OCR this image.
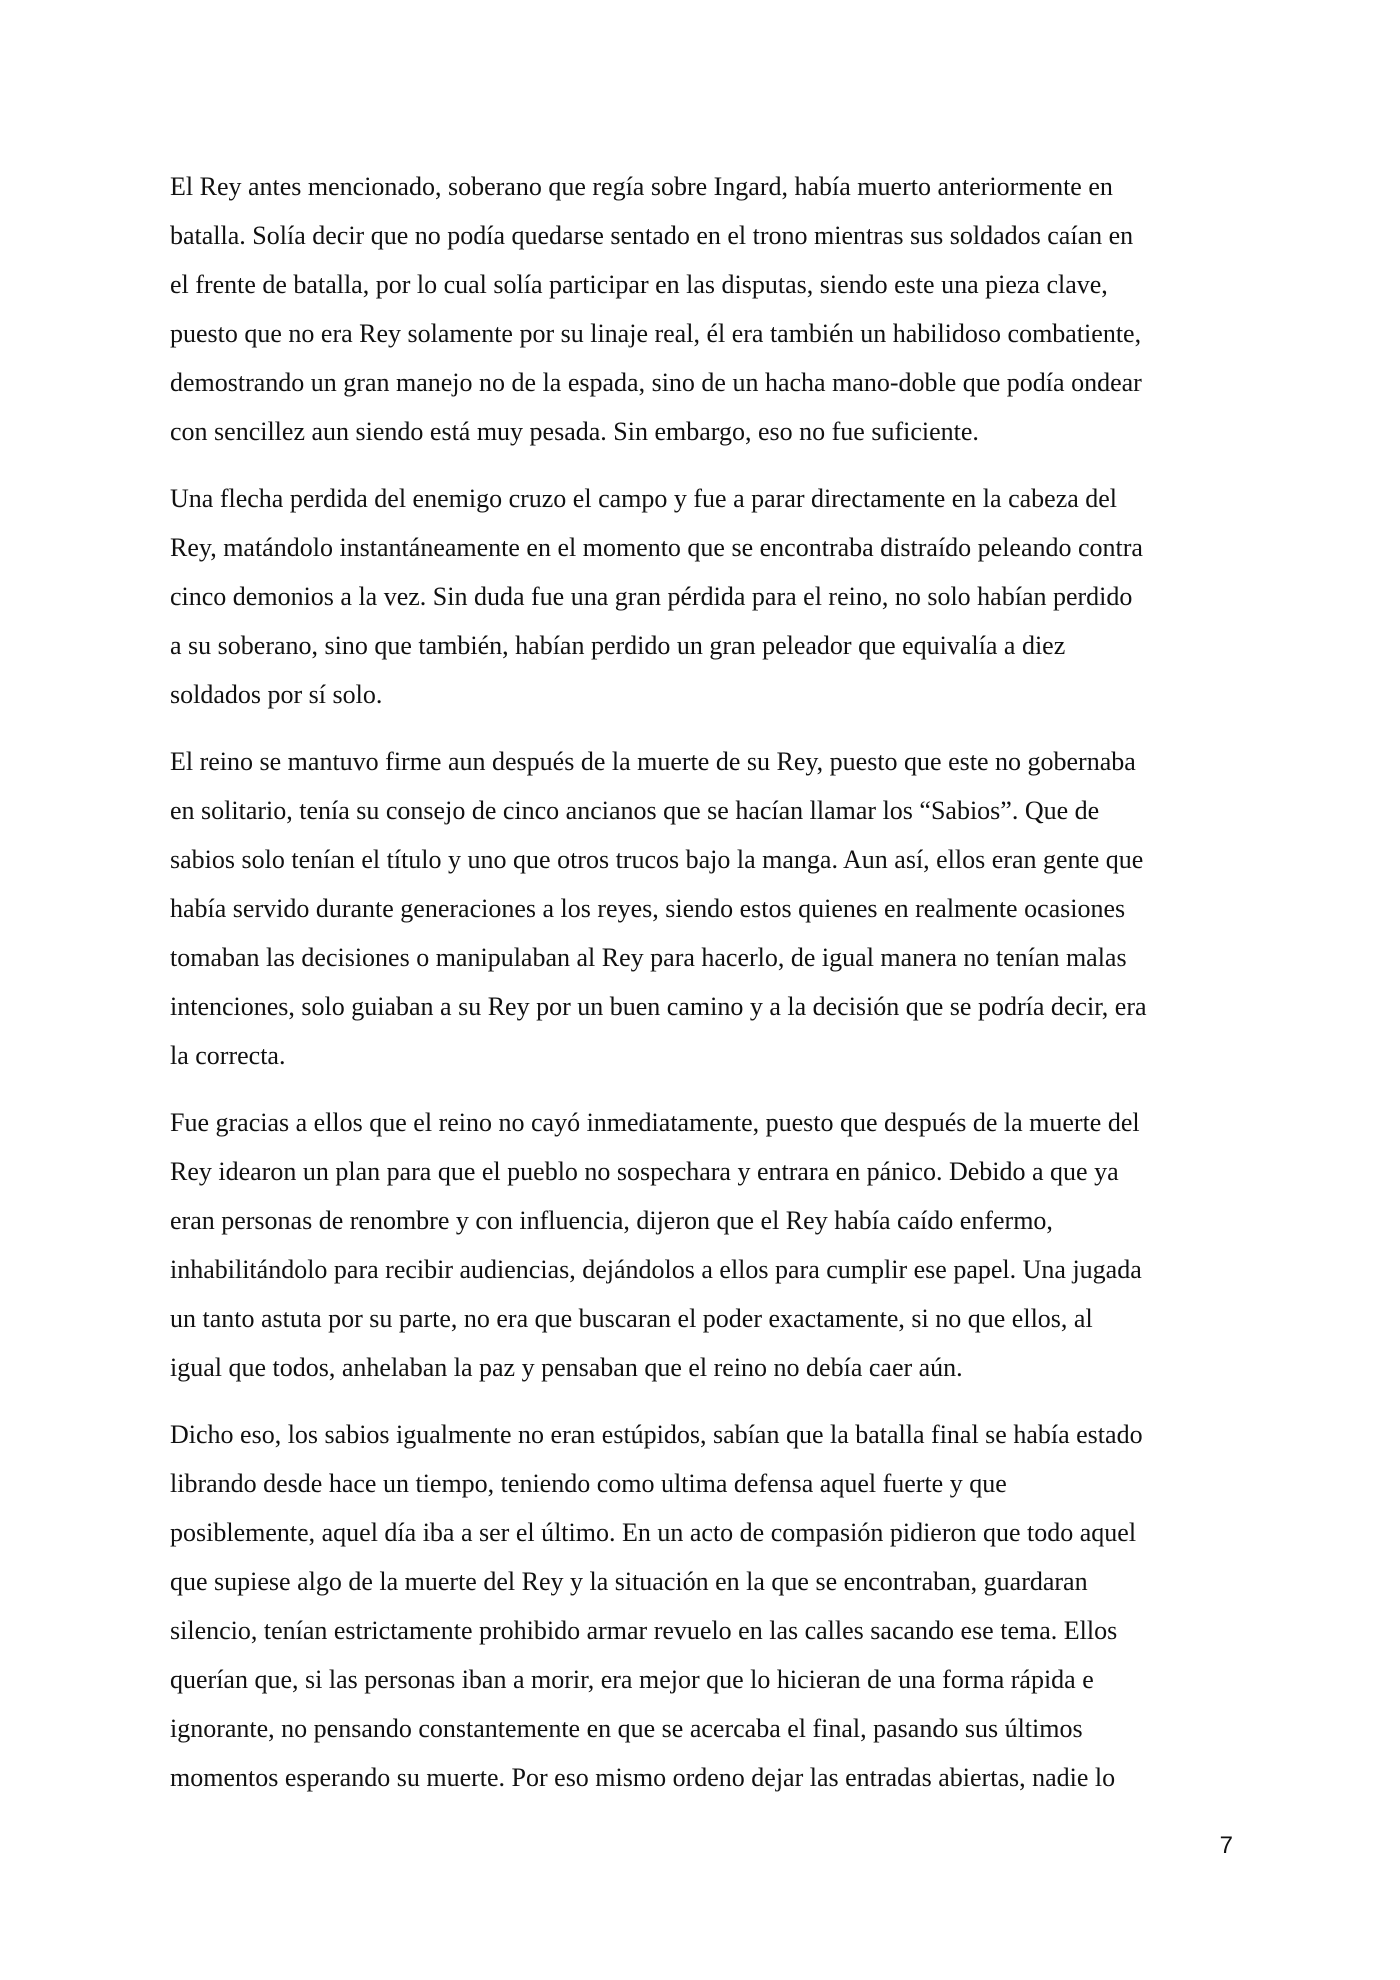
El Rey antes mencionado, soberano que regía sobre Ingard, había muerto anteriormente en
batalla. Solía decir que no podía quedarse sentado en el trono mientras sus soldados caían en
el frente de batalla, por lo cual solía participar en las disputas, siendo este una pieza clave,
puesto que no era Rey solamente por su linaje real, él era también un habilidoso combatiente,
demostrando un gran manejo no de la espada, sino de un hacha mano-doble que podía ondear
con sencillez aun siendo está muy pesada. Sin embargo, eso no fue suficiente.

Una flecha perdida del enemigo cruzo el campo y fue a parar directamente en la cabeza del
Rey, matándolo instantáneamente en el momento que se encontraba distraído peleando contra
cinco demonios a la vez. Sin duda fue una gran pérdida para el reino, no solo habían perdido
a su soberano, sino que también, habían perdido un gran peleador que equivalía a diez
soldados por sí solo.

El reino se mantuvo firme aun después de la muerte de su Rey, puesto que este no gobernaba
en solitario, tenía su consejo de cinco ancianos que se hacían llamar los “Sabios”. Que de
sabios solo tenían el título y uno que otros trucos bajo la manga. Aun así, ellos eran gente que
había servido durante generaciones a los reyes, siendo estos quienes en realmente ocasiones
tomaban las decisiones o manipulaban al Rey para hacerlo, de igual manera no tenían malas
intenciones, solo guiaban a su Rey por un buen camino y a la decisión que se podría decir, era
la correcta.

Fue gracias a ellos que el reino no cayó inmediatamente, puesto que después de la muerte del
Rey idearon un plan para que el pueblo no sospechara y entrara en pánico. Debido a que ya
eran personas de renombre y con influencia, dijeron que el Rey había caído enfermo,
inhabilitándolo para recibir audiencias, dejándolos a ellos para cumplir ese papel. Una jugada
un tanto astuta por su parte, no era que buscaran el poder exactamente, si no que ellos, al
igual que todos, anhelaban la paz y pensaban que el reino no debía caer aún.

Dicho eso, los sabios igualmente no eran estúpidos, sabían que la batalla final se había estado
librando desde hace un tiempo, teniendo como ultima defensa aquel fuerte y que
posiblemente, aquel día iba a ser el último. En un acto de compasión pidieron que todo aquel
que supiese algo de la muerte del Rey y la situación en la que se encontraban, guardaran
silencio, tenían estrictamente prohibido armar revuelo en las calles sacando ese tema. Ellos
querían que, si las personas iban a morir, era mejor que lo hicieran de una forma rápida e
ignorante, no pensando constantemente en que se acercaba el final, pasando sus últimos
momentos esperando su muerte. Por eso mismo ordeno dejar las entradas abiertas, nadie lo

7
